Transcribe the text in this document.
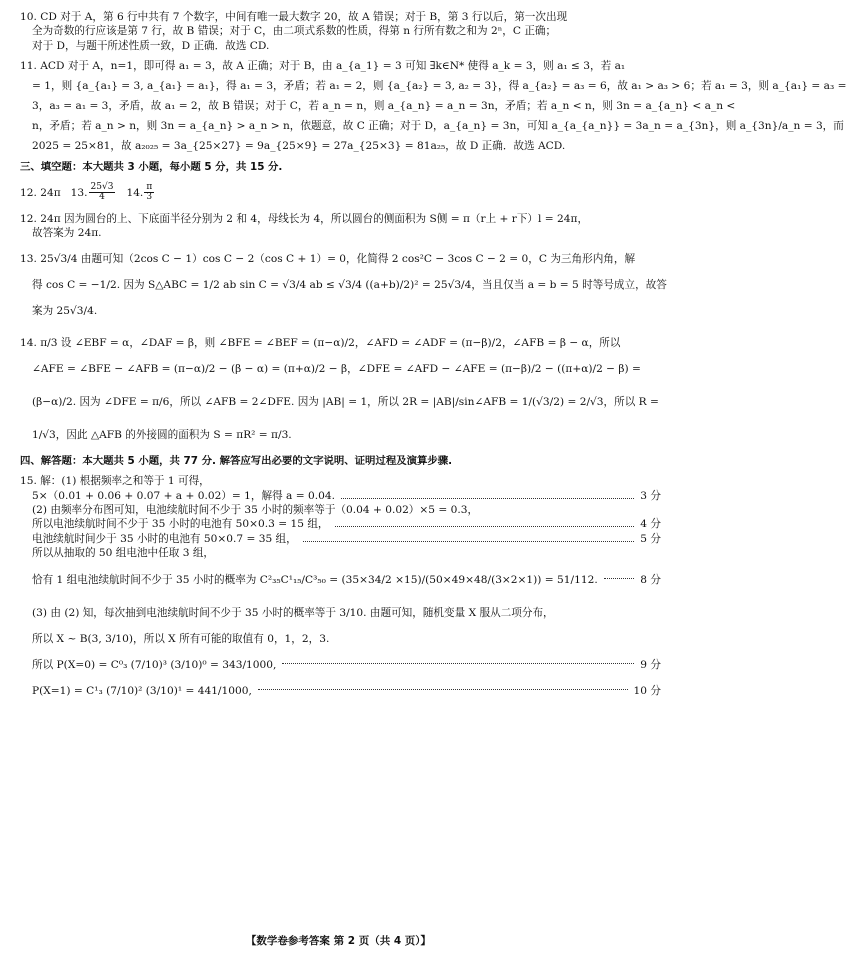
10. CD 对于 A，第 6 行中共有 7 个数字，中间有唯一最大数字 20，故 A 错误；对于 B，第 3 行以后，第一次出现
全为奇数的行应该是第 7 行，故 B 错误；对于 C，由二项式系数的性质，得第 n 行所有数之和为 2ⁿ，C 正确；
对于 D，与题干所述性质一致，D 正确．故选 CD.
11. ACD 对于 A，n=1，即可得 a₁ = 3，故 A 正确；对于 B，由 a_{a_1} = 3 可知 ∃k∈N* 使得 a_k = 3，则 a₁ ≤ 3，若 a₁
= 1，则 {a_{a₁} = 3, a_{a₁} = a₁}，得 a₁ = 3，矛盾；若 a₁ = 2，则 {a_{a₂} = 3, a₂ = 3}，得 a_{a₂} = a₃ = 6，故 a₁ > a₃ > 6；若 a₁ = 3，则 a_{a₁} = a₃ =
3，a₃ = a₁ = 3，矛盾，故 a₁ = 2，故 B 错误；对于 C，若 a_n = n，则 a_{a_n} = a_n = 3n，矛盾；若 a_n < n，则 3n = a_{a_n} < a_n <
n，矛盾；若 a_n > n，则 3n = a_{a_n} > a_n > n，依题意，故 C 正确；对于 D，a_{a_n} = 3n，可知 a_{a_{a_n}} = 3a_n = a_{3n}，则 a_{3n}/a_n = 3，而
2025 = 25×81，故 a₂₀₂₅ = 3a_{25×27} = 9a_{25×9} = 27a_{25×3} = 81a₂₅，故 D 正确．故选 ACD.
三、填空题：本大题共 3 小题，每小题 5 分，共 15 分.
12. 24π 13. $\frac{25√3}{4} 14$. $\frac{\pi}{3}$
12. 24π 因为圆台的上、下底面半径分别为 2 和 4，母线长为 4，所以圆台的侧面积为 S侧 = π（r上 + r下）l = 24π，
故答案为 24π.
13. 25√3/4 由题可知（2cos C − 1）cos C − 2（cos C + 1）= 0，化简得 2 cos²C − 3cos C − 2 = 0，C 为三角形内角，解
得 cos C = −1/2. 因为 S△ABC = 1/2 ab sin C = √3/4 ab ≤ √3/4 ((a+b)/2)² = 25√3/4，当且仅当 a = b = 5 时等号成立，故答
案为 25√3/4.
14. π/3 设 ∠EBF = α，∠DAF = β，则 ∠BFE = ∠BEF = (π−α)/2，∠AFD = ∠ADF = (π−β)/2，∠AFB = β − α，所以
∠AFE = ∠BFE − ∠AFB = (π−α)/2 − (β − α) = (π+α)/2 − β，∠DFE = ∠AFD − ∠AFE = (π−β)/2 − ((π+α)/2 − β) =
(β−α)/2. 因为 ∠DFE = π/6，所以 ∠AFB = 2∠DFE. 因为 |AB| = 1，所以 2R = |AB|/sin∠AFB = 1/(√3/2) = 2/√3，所以 R =
1/√3，因此 △AFB 的外接圆的面积为 S = πR² = π/3.
四、解答题：本大题共 5 小题，共 77 分. 解答应写出必要的文字说明、证明过程及演算步骤.
15. 解：(1) 根据频率之和等于 1 可得，
5×（0.01 + 0.06 + 0.07 + a + 0.02）= 1，解得 a = 0.04.	3 分
(2) 由频率分布图可知，电池续航时间不少于 35 小时的频率等于（0.04 + 0.02）×5 = 0.3，
所以电池续航时间不少于 35 小时的电池有 50×0.3 = 15 组，	4 分
电池续航时间少于 35 小时的电池有 50×0.7 = 35 组，	5 分
所以从抽取的 50 组电池中任取 3 组，
恰有 1 组电池续航时间不少于 35 小时的概率为 C²₃₅C¹₁₅/C³₅₀ = (35×34/2 ×15)/(50×49×48/(3×2×1)) = 51/112.	8 分
(3) 由 (2) 知，每次抽到电池续航时间不少于 35 小时的概率等于 3/10. 由题可知，随机变量 X 服从二项分布，
所以 X ~ B(3, 3/10)，所以 X 所有可能的取值有 0，1，2，3.
所以 P(X=0) = C⁰₃ (7/10)³ (3/10)⁰ = 343/1000,	9 分
P(X=1) = C¹₃ (7/10)² (3/10)¹ = 441/1000,	10 分
【数学卷参考答案 第 2 页（共 4 页）】
